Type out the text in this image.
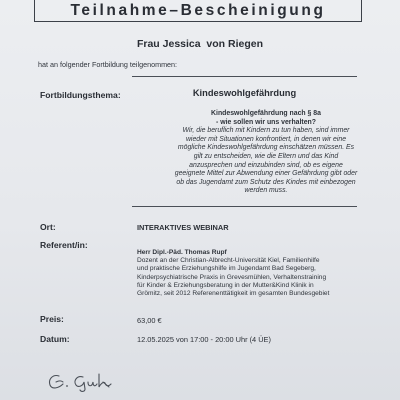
Teilnahme–Bescheinigung
Frau Jessica  von Riegen
hat an folgender Fortbildung teilgenommen:
Fortbildungsthema:	Kindeswohlgefährdung
Kindeswohlgefährdung nach § 8a
- wie sollen wir uns verhalten?
Wir, die beruflich mit Kindern zu tun haben, sind immer
wieder mit Situationen konfrontiert, in denen wir eine
mögliche Kindeswohlgefährdung einschätzen müssen. Es
gilt zu entscheiden, wie die Eltern und das Kind
anzusprechen und einzubinden sind, ob es eigene
geeignete Mittel zur Abwendung einer Gefährdung gibt oder
ob das Jugendamt zum Schutz des Kindes mit einbezogen
werden muss.
Ort:	INTERAKTIVES WEBINAR
Referent/in:
Herr Dipl.-Päd. Thomas Rupf
Dozent an der Christian-Albrecht-Universität Kiel, Familienhilfe
und praktische Erziehungshilfe im Jugendamt Bad Segeberg,
Kinderpsychiatrische Praxis in Grevesmühlen, Verhaltenstraining
für Kinder & Erziehungsberatung in der Mutter&Kind Klinik in
Grömitz, seit 2012 Referenenttätigkeit im gesamten Bundesgebiet
Preis:	63,00 €
Datum:	12.05.2025 von 17:00 - 20:00 Uhr (4 ÜE)
